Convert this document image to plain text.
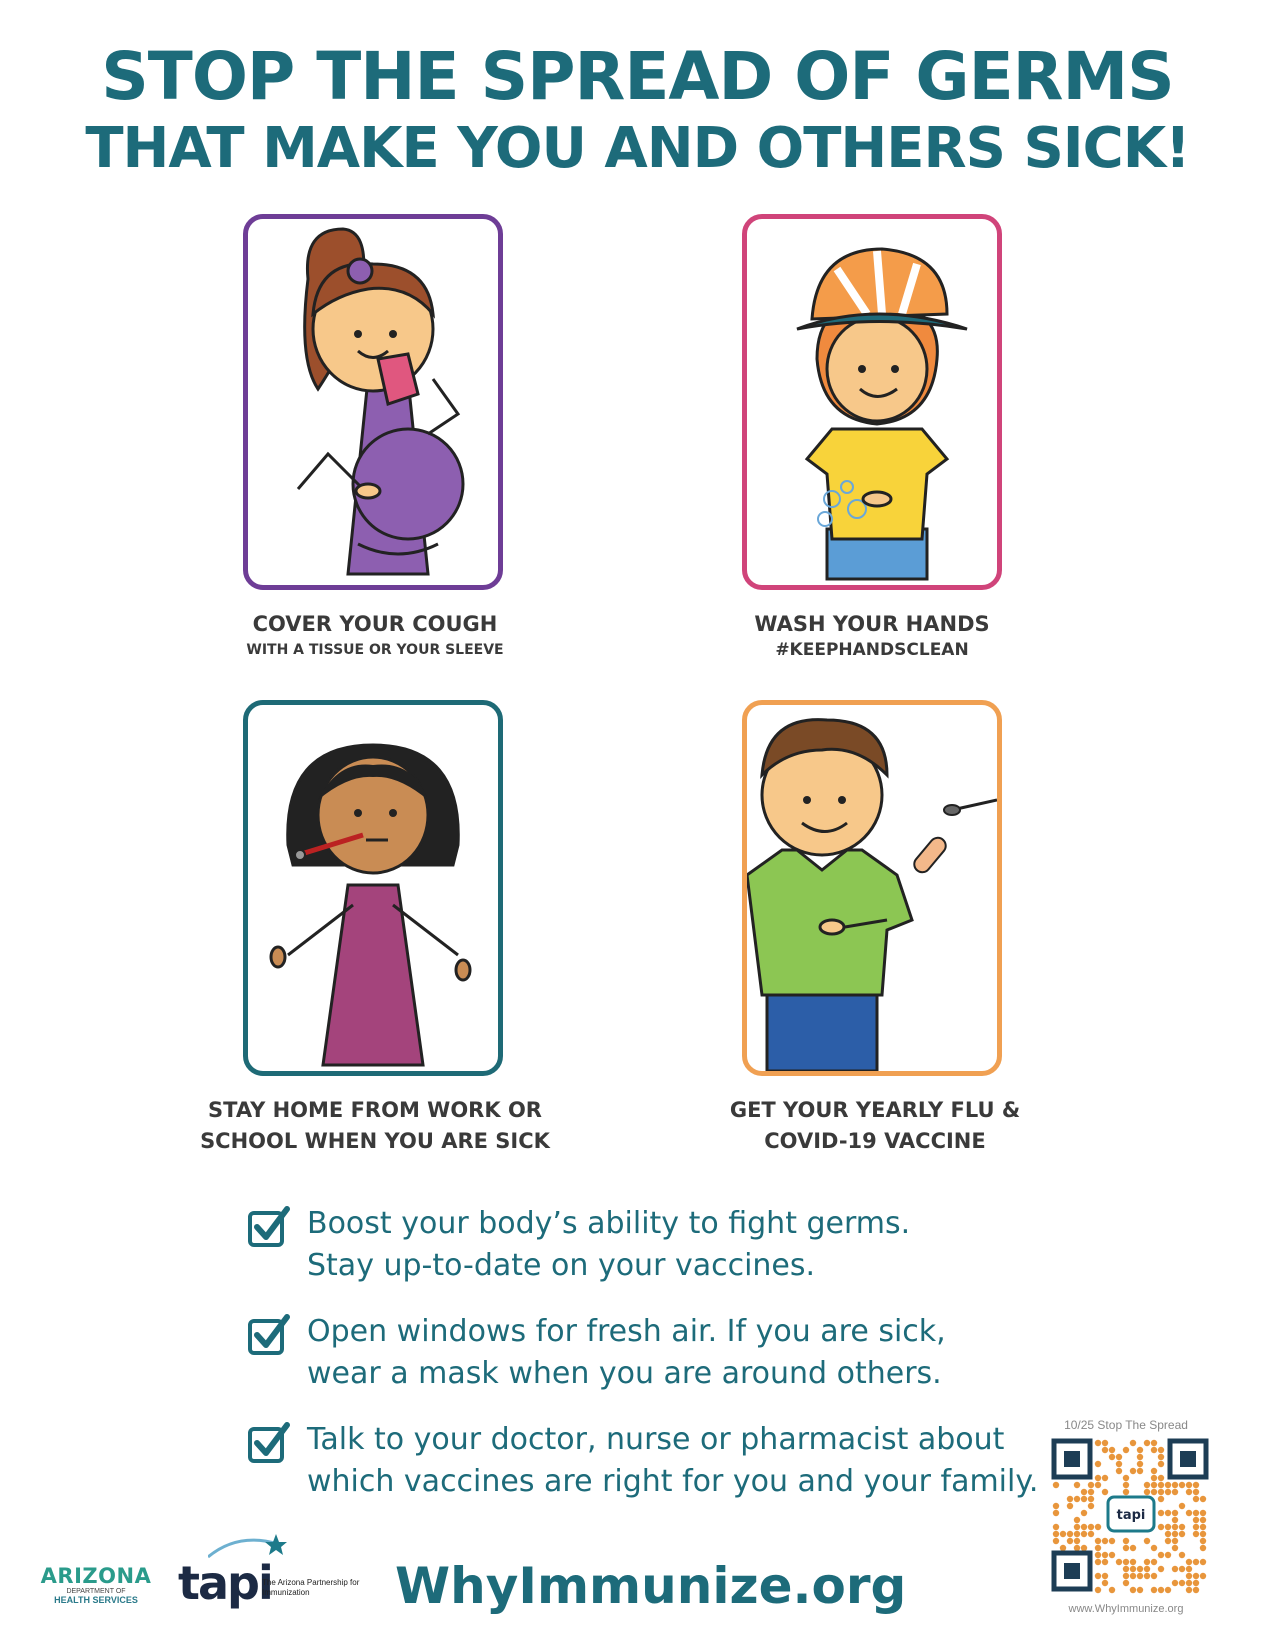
STOP THE SPREAD OF GERMS
THAT MAKE YOU AND OTHERS SICK!
COVER YOUR COUGH
WITH A TISSUE OR YOUR SLEEVE
WASH YOUR HANDS
#KEEPHANDSCLEAN
STAY HOME FROM WORK OR
SCHOOL WHEN YOU ARE SICK
GET YOUR YEARLY FLU &
COVID-19 VACCINE
Boost your body’s ability to fight germs.
Stay up-to-date on your vaccines.
Open windows for fresh air. If you are sick,
wear a mask when you are around others.
Talk to your doctor, nurse or pharmacist about
which vaccines are right for you and your family.
ARIZONA
DEPARTMENT OF
HEALTH SERVICES tapi
The Arizona Partnership for Immunization	WhyImmunize.org
10/25 Stop The Spread
tapi
www.WhyImmunize.org
